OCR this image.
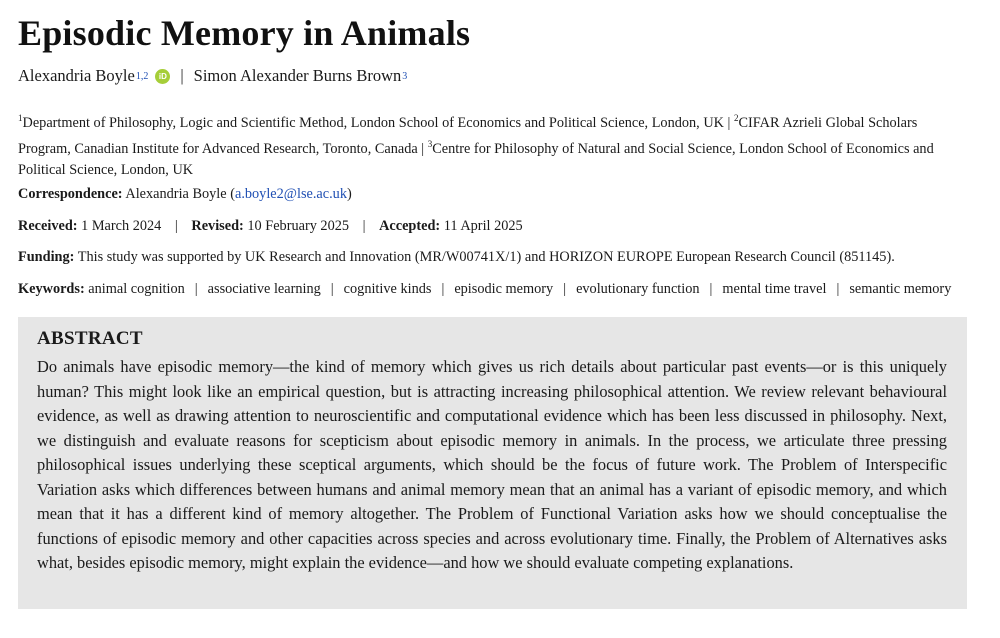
Episodic Memory in Animals
Alexandria Boyle 1,2	iD | Simon Alexander Burns Brown 3
$^1$Department of Philosophy, Logic and Scientific Method, London School of Economics and Political Science, London, UK | $^2$CIFAR Azrieli Global Scholars Program, Canadian Institute for Advanced Research, Toronto, Canada | $^3$Centre for Philosophy of Natural and Social Science, London School of Economics and Political Science, London, UK
Correspondence: Alexandria Boyle (a.boyle2@lse.ac.uk)
Received: 1 March 2024 | Revised: 10 February 2025 | Accepted: 11 April 2025
Funding: This study was supported by UK Research and Innovation (MR/W00741X/1) and HORIZON EUROPE European Research Council (851145).
Keywords: animal cognition | associative learning | cognitive kinds | episodic memory | evolutionary function | mental time travel | semantic memory
ABSTRACT
Do animals have episodic memory—the kind of memory which gives us rich details about particular past events—or is this uniquely human? This might look like an empirical question, but is attracting increasing philosophical attention. We review relevant behavioural evidence, as well as drawing attention to neuroscientific and computational evidence which has been less discussed in philosophy. Next, we distinguish and evaluate reasons for scepticism about episodic memory in animals. In the process, we articulate three pressing philosophical issues underlying these sceptical arguments, which should be the focus of future work. The Problem of Interspecific Variation asks which differences between humans and animal memory mean that an animal has a variant of episodic memory, and which mean that it has a different kind of memory altogether. The Problem of Functional Variation asks how we should conceptualise the functions of episodic memory and other capacities across species and across evolutionary time. Finally, the Problem of Alternatives asks what, besides episodic memory, might explain the evidence—and how we should evaluate competing explanations.
